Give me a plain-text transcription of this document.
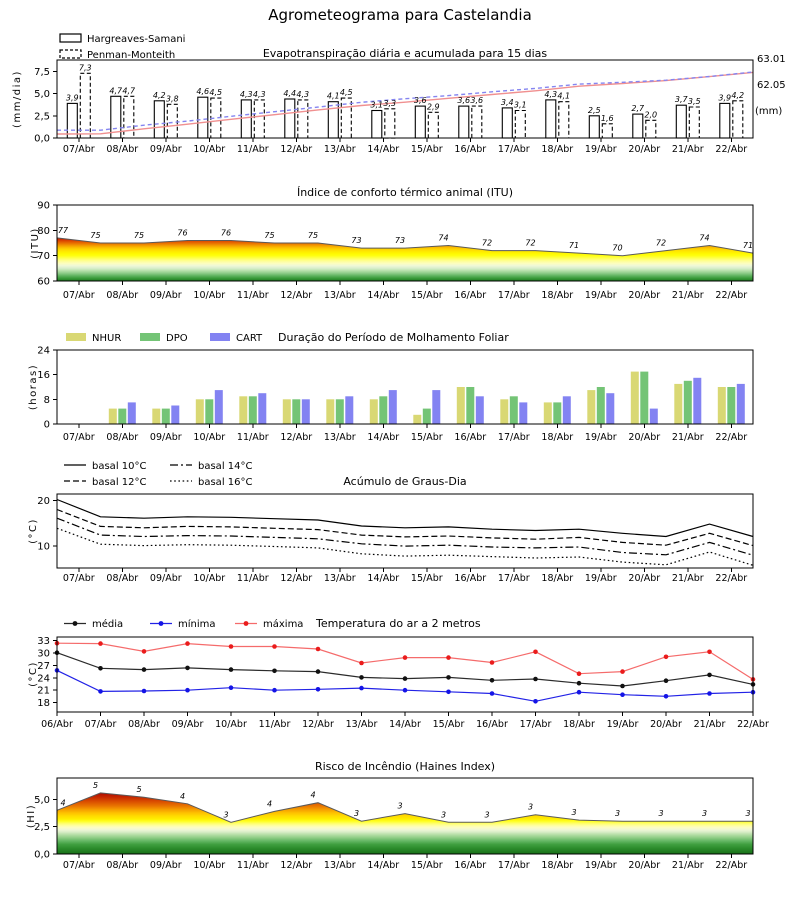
Agrometeograma para Castelandia
3,9
4,7	4,2	4,6	4,3	4,4	4,1
3,1	3,6	3,6	3,4
4,3
2,5	2,7
3,7	3,9
7,3
4,7
3,8
4,5	4,3	4,3	4,5
3,3	2,9
3,6	3,1
4,1
1,6	2,0
3,5
4,2
7,5
5,0
2,5
0,0
07/Abr 08/Abr 09/Abr 10/Abr 11/Abr 12/Abr 13/Abr 14/Abr 15/Abr 16/Abr 17/Abr 18/Abr 19/Abr 20/Abr 21/Abr 22/Abr
Hargreaves-Samani
Penman-Monteith	Evapotranspiração diária e acumulada para 15 dias	63.01
62.05
(mm)
(mm/dia)
77
75	75	76	76	75	75
73	73	74
72	72	71	70
72
74
71
90
80
70
60
07/Abr 08/Abr 09/Abr 10/Abr 11/Abr 12/Abr 13/Abr 14/Abr 15/Abr 16/Abr 17/Abr 18/Abr 19/Abr 20/Abr 21/Abr 22/Abr
Índice de conforto térmico animal (ITU)
(ITU)
24
16
8
0
07/Abr 08/Abr 09/Abr 10/Abr 11/Abr 12/Abr 13/Abr 14/Abr 15/Abr 16/Abr 17/Abr 18/Abr 19/Abr 20/Abr 21/Abr 22/Abr
NHUR	DPO	CART Duração do Período de Molhamento Foliar
(horas)
20
10
07/Abr 08/Abr 09/Abr 10/Abr 11/Abr 12/Abr 13/Abr 14/Abr 15/Abr 16/Abr 17/Abr 18/Abr 19/Abr 20/Abr 21/Abr 22/Abr
basal 10°C	basal 14°C
basal 12°C	basal 16°C	Acúmulo de Graus-Dia
(°C)
33
30
27
24
21
18
06/Abr 07/Abr 08/Abr 09/Abr 10/Abr 11/Abr 12/Abr 13/Abr 14/Abr 15/Abr 16/Abr 17/Abr 18/Abr 19/Abr 20/Abr 21/Abr 22/Abr
média	mínima	máxima Temperatura do ar a 2 metros
(°C)
4
5	5
4
3
4
4
3
3
3	3
3
3	3	3	3	3
5,0
2,5
0,0
07/Abr 08/Abr 09/Abr 10/Abr 11/Abr 12/Abr 13/Abr 14/Abr 15/Abr 16/Abr 17/Abr 18/Abr 19/Abr 20/Abr 21/Abr 22/Abr
Risco de Incêndio (Haines Index)
(HI)
